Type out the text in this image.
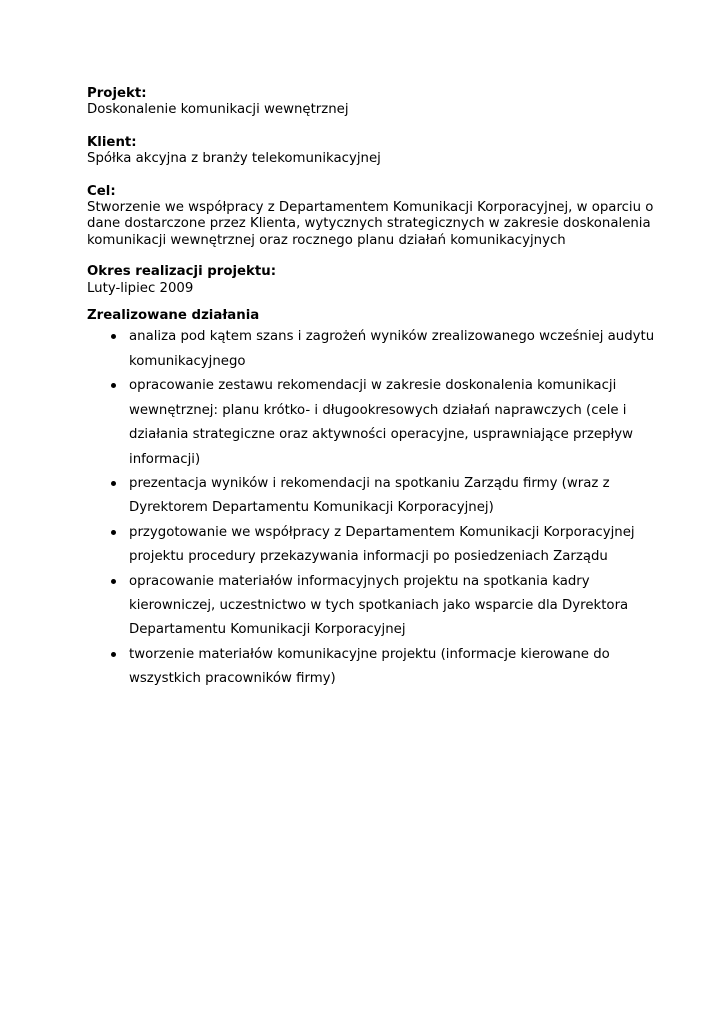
Projekt:

Doskonalenie komunikacji wewnętrznej

Klient:

Spółka akcyjna z branży telekomunikacyjnej

Cel:

Stworzenie we współpracy z Departamentem Komunikacji Korporacyjnej, w oparciu o dane dostarczone przez Klienta, wytycznych strategicznych w zakresie doskonalenia komunikacji wewnętrznej oraz rocznego planu działań komunikacyjnych

Okres realizacji projektu:

Luty-lipiec 2009

Zrealizowane działania

analiza pod kątem szans i zagrożeń wyników zrealizowanego wcześniej audytu komunikacyjnego
opracowanie zestawu rekomendacji w zakresie doskonalenia komunikacji wewnętrznej: planu krótko- i długookresowych działań naprawczych (cele i działania strategiczne oraz aktywności operacyjne, usprawniające przepływ informacji)
prezentacja wyników i rekomendacji na spotkaniu Zarządu firmy (wraz z Dyrektorem Departamentu Komunikacji Korporacyjnej)
przygotowanie we współpracy z Departamentem Komunikacji Korporacyjnej projektu procedury przekazywania informacji po posiedzeniach Zarządu
opracowanie materiałów informacyjnych projektu na spotkania kadry kierowniczej, uczestnictwo w tych spotkaniach jako wsparcie dla Dyrektora Departamentu Komunikacji Korporacyjnej
tworzenie materiałów komunikacyjne projektu (informacje kierowane do wszystkich pracowników firmy)
